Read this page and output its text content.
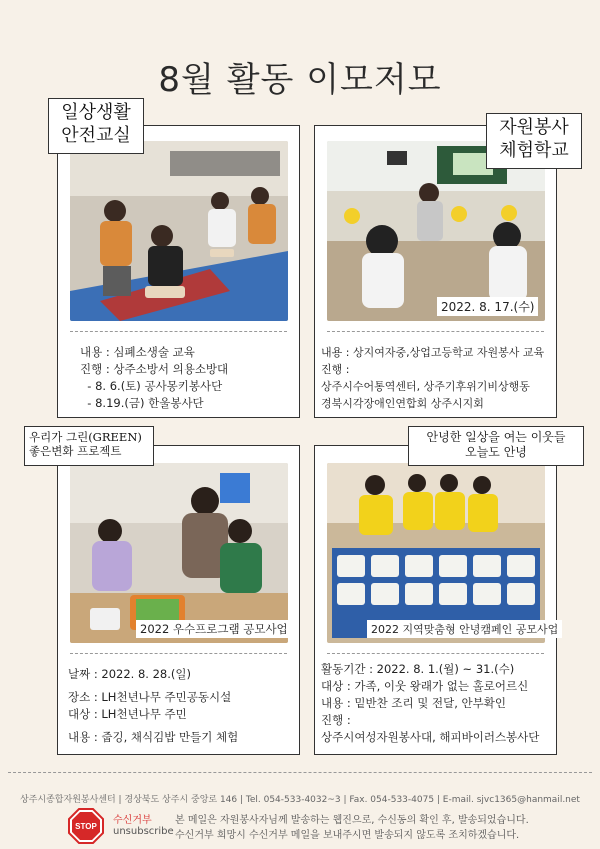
8월 활동 이모저모
내용 : 심폐소생술 교육
진행 : 상주소방서 의용소방대
- 8. 6.(토) 공사몽키봉사단
- 8.19.(금) 한울봉사단
일상생활
안전교실
2022. 8. 17.(수)
내용 : 상지여자중,상업고등학교 자원봉사 교육
진행 :
상주시수어통역센터, 상주기후위기비상행동
경북시각장애인연합회 상주시지회
자원봉사
체험학교
2022 우수프로그램 공모사업
날짜 : 2022. 8. 28.(일)
장소 : LH천년나무 주민공동시설
대상 : LH천년나무 주민
내용 : 줍깅, 채식김밥 만들기 체험
우리가 그린(GREEN)
좋은변화 프로젝트
2022 지역맞춤형 안녕캠페인 공모사업
활동기간 : 2022. 8. 1.(월) ~ 31.(수)
대상 : 가족, 이웃 왕래가 없는 홀로어르신
내용 : 밑반찬 조리 및 전달, 안부확인
진행 :
상주시여성자원봉사대, 해피바이러스봉사단
안녕한 일상을 여는 이웃들
오늘도 안녕
상주시종합자원봉사센터 | 경상북도 상주시 중앙로 146 | Tel. 054-533-4032~3 | Fax. 054-533-4075 | E-mail. sjvc1365@hanmail.net
STOP
수신거부 본 메일은 자원봉사자님께 발송하는 웹진으로, 수신동의 확인 후, 발송되었습니다.
unsubscribe 수신거부 희망시 수신거부 메일을 보내주시면 발송되지 않도록 조치하겠습니다.
